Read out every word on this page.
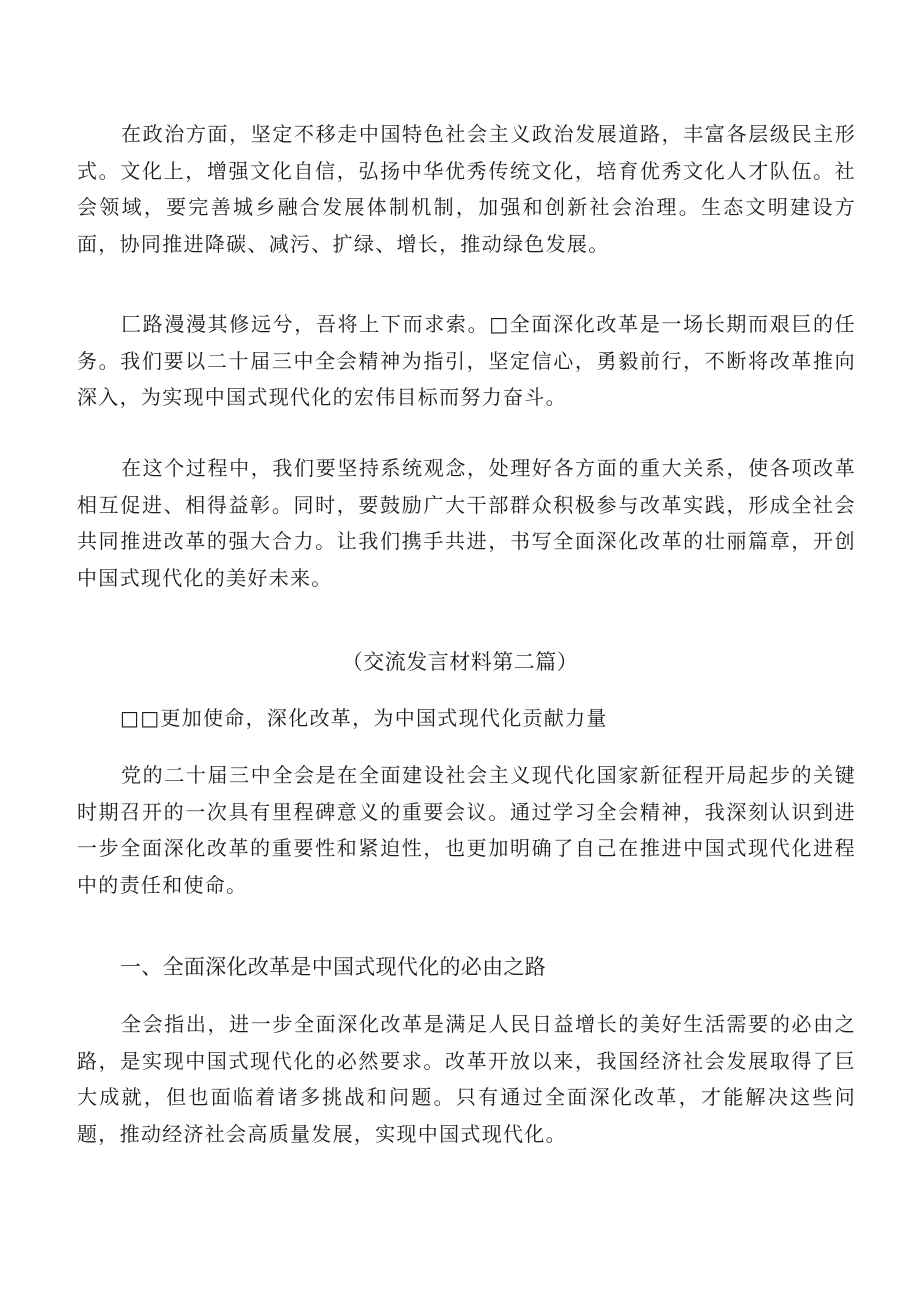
在政治方面，坚定不移走中国特色社会主义政治发展道路，丰富各层级民主形式。文化上，增强文化自信，弘扬中华优秀传统文化，培育优秀文化人才队伍。社会领域，要完善城乡融合发展体制机制，加强和创新社会治理。生态文明建设方面，协同推进降碳、减污、扩绿、增长，推动绿色发展。

匚路漫漫其修远兮，吾将上下而求索。□全面深化改革是一场长期而艰巨的任务。我们要以二十届三中全会精神为指引，坚定信心，勇毅前行，不断将改革推向深入，为实现中国式现代化的宏伟目标而努力奋斗。

在这个过程中，我们要坚持系统观念，处理好各方面的重大关系，使各项改革相互促进、相得益彰。同时，要鼓励广大干部群众积极参与改革实践，形成全社会共同推进改革的强大合力。让我们携手共进，书写全面深化改革的壮丽篇章，开创中国式现代化的美好未来。

（交流发言材料第二篇）

□□更加使命，深化改革，为中国式现代化贡献力量

党的二十届三中全会是在全面建设社会主义现代化国家新征程开局起步的关键时期召开的一次具有里程碑意义的重要会议。通过学习全会精神，我深刻认识到进一步全面深化改革的重要性和紧迫性，也更加明确了自己在推进中国式现代化进程中的责任和使命。

一、全面深化改革是中国式现代化的必由之路

全会指出，进一步全面深化改革是满足人民日益增长的美好生活需要的必由之路，是实现中国式现代化的必然要求。改革开放以来，我国经济社会发展取得了巨大成就，但也面临着诸多挑战和问题。只有通过全面深化改革，才能解决这些问题，推动经济社会高质量发展，实现中国式现代化。
